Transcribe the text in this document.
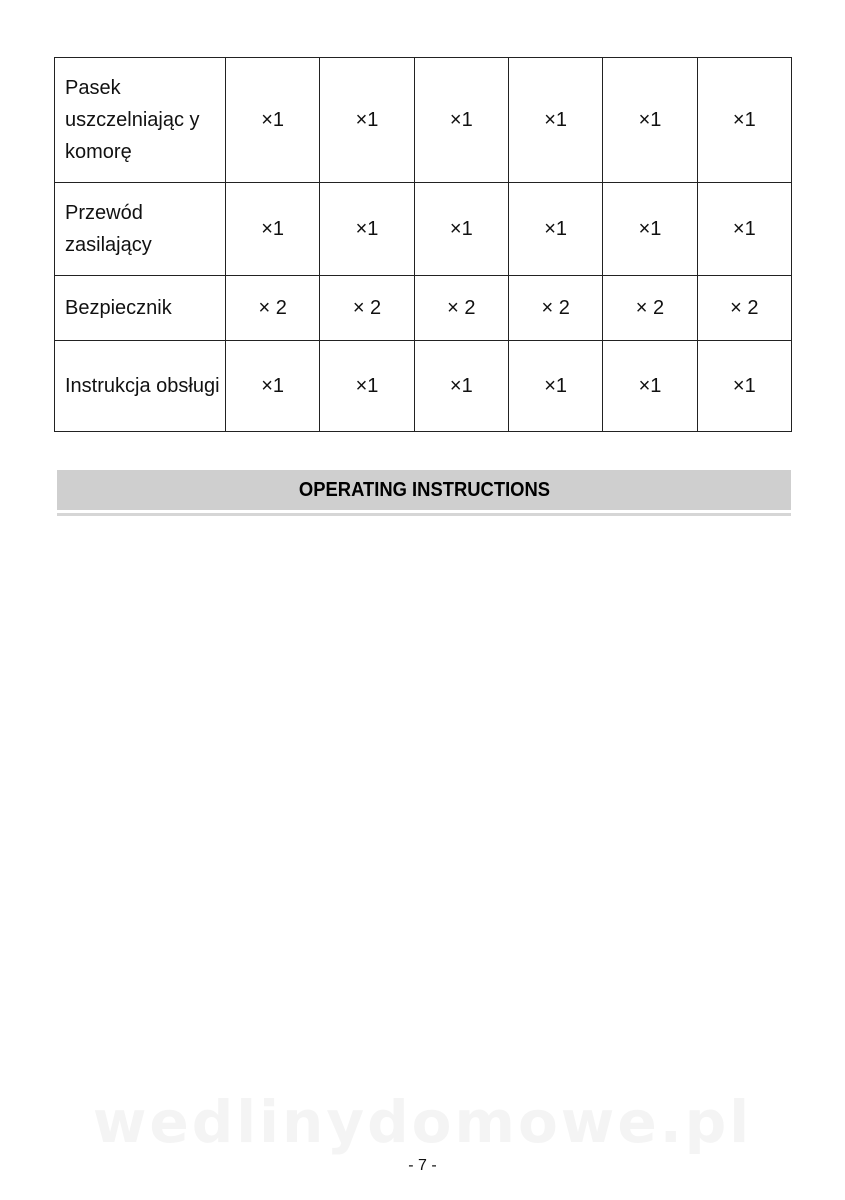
Pasek uszczelniając y komorę	×1	×1	×1	×1	×1	×1
Przewód zasilający	×1	×1	×1	×1	×1	×1
Bezpiecznik	× 2	× 2	× 2	× 2	× 2	× 2
Instrukcja obsługi	×1	×1	×1	×1	×1	×1
OPERATING INSTRUCTIONS
wedlinydomowe.pl
- 7 -
